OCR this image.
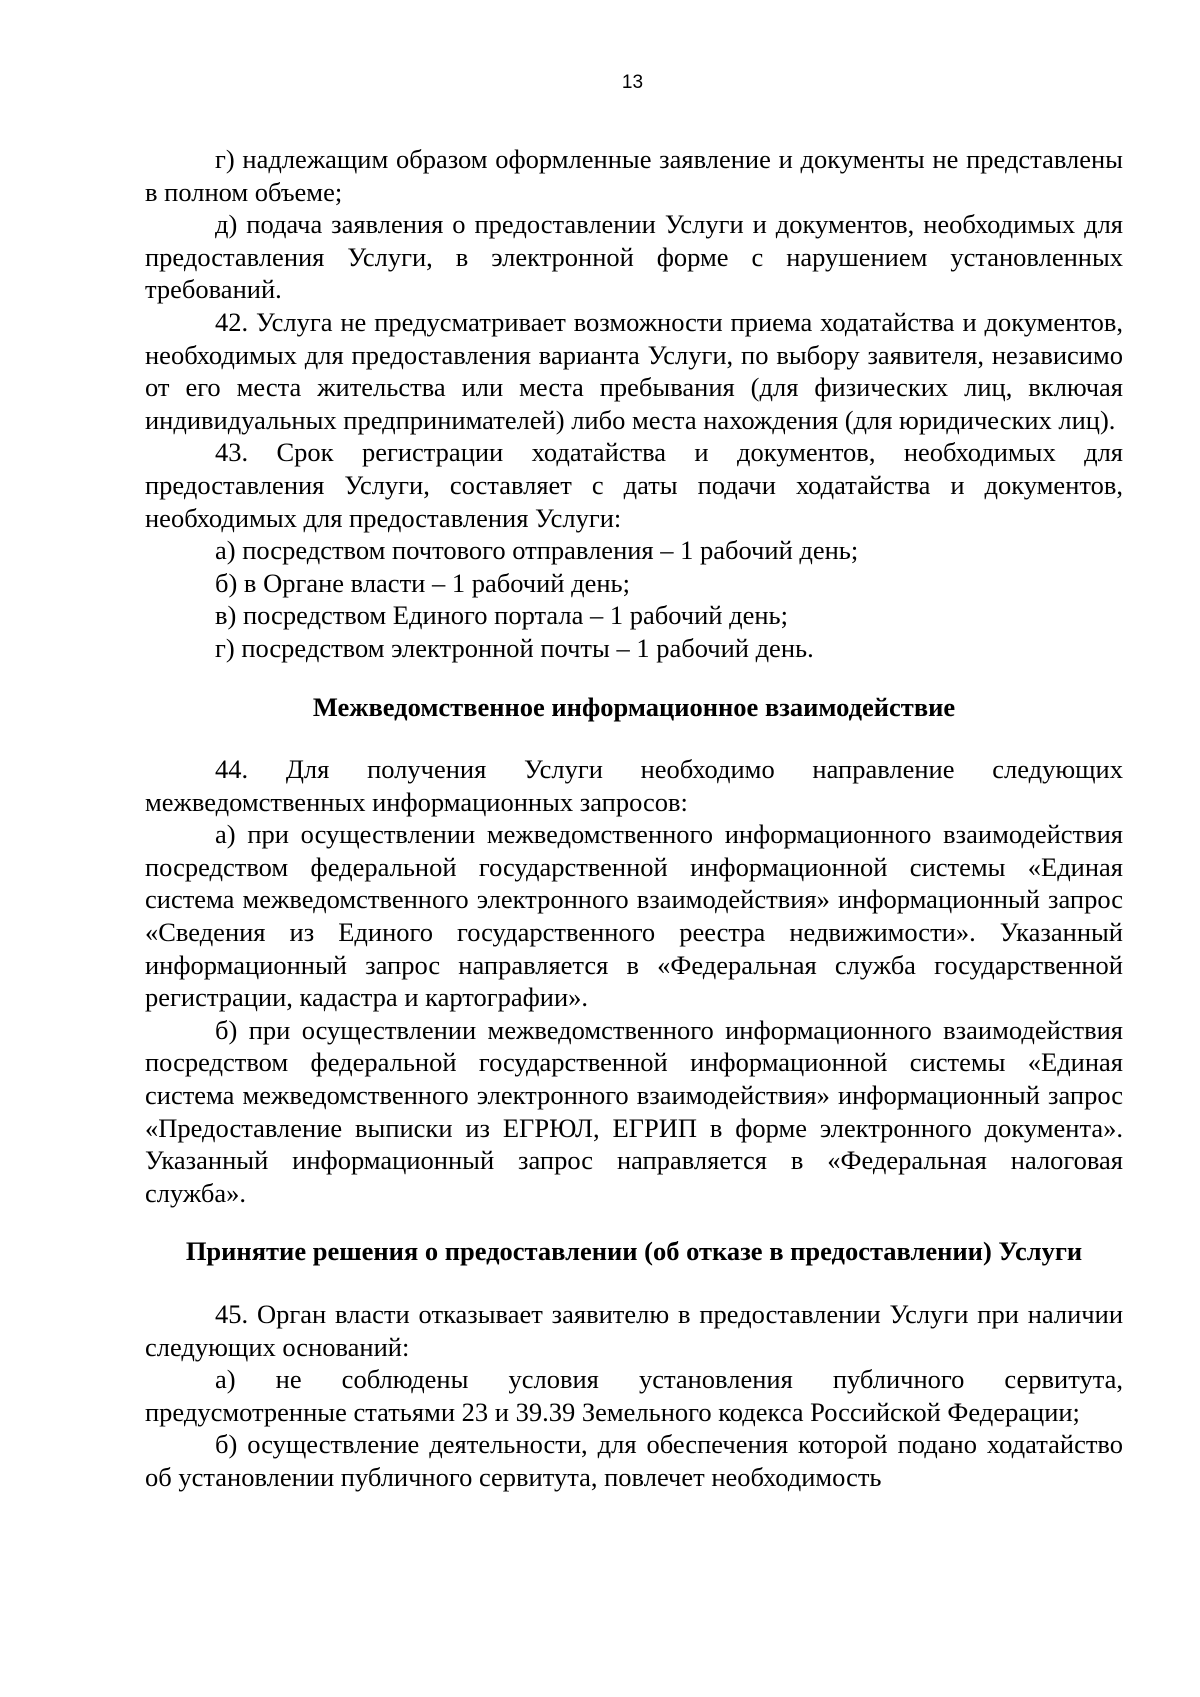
13

г) надлежащим образом оформленные заявление и документы не представлены в полном объеме;

д) подача заявления о предоставлении Услуги и документов, необходимых для предоставления Услуги, в электронной форме с нарушением установленных требований.

42. Услуга не предусматривает возможности приема ходатайства и документов, необходимых для предоставления варианта Услуги, по выбору заявителя, независимо от его места жительства или места пребывания (для физических лиц, включая индивидуальных предпринимателей) либо места нахождения (для юридических лиц).

43. Срок регистрации ходатайства и документов, необходимых для предоставления Услуги, составляет с даты подачи ходатайства и документов, необходимых для предоставления Услуги:

а) посредством почтового отправления – 1 рабочий день;

б) в Органе власти – 1 рабочий день;

в) посредством Единого портала – 1 рабочий день;

г) посредством электронной почты – 1 рабочий день.

Межведомственное информационное взаимодействие

44. Для получения Услуги необходимо направление следующих межведомственных информационных запросов:

а) при осуществлении межведомственного информационного взаимодействия посредством федеральной государственной информационной системы «Единая система межведомственного электронного взаимодействия» информационный запрос «Сведения из Единого государственного реестра недвижимости». Указанный информационный запрос направляется в «Федеральная служба государственной регистрации, кадастра и картографии».

б) при осуществлении межведомственного информационного взаимодействия посредством федеральной государственной информационной системы «Единая система межведомственного электронного взаимодействия» информационный запрос «Предоставление выписки из ЕГРЮЛ, ЕГРИП в форме электронного документа». Указанный информационный запрос направляется в «Федеральная налоговая служба».

Принятие решения о предоставлении (об отказе в предоставлении) Услуги

45. Орган власти отказывает заявителю в предоставлении Услуги при наличии следующих оснований:

а) не соблюдены условия установления публичного сервитута, предусмотренные статьями 23 и 39.39 Земельного кодекса Российской Федерации;

б) осуществление деятельности, для обеспечения которой подано ходатайство об установлении публичного сервитута, повлечет необходимость
